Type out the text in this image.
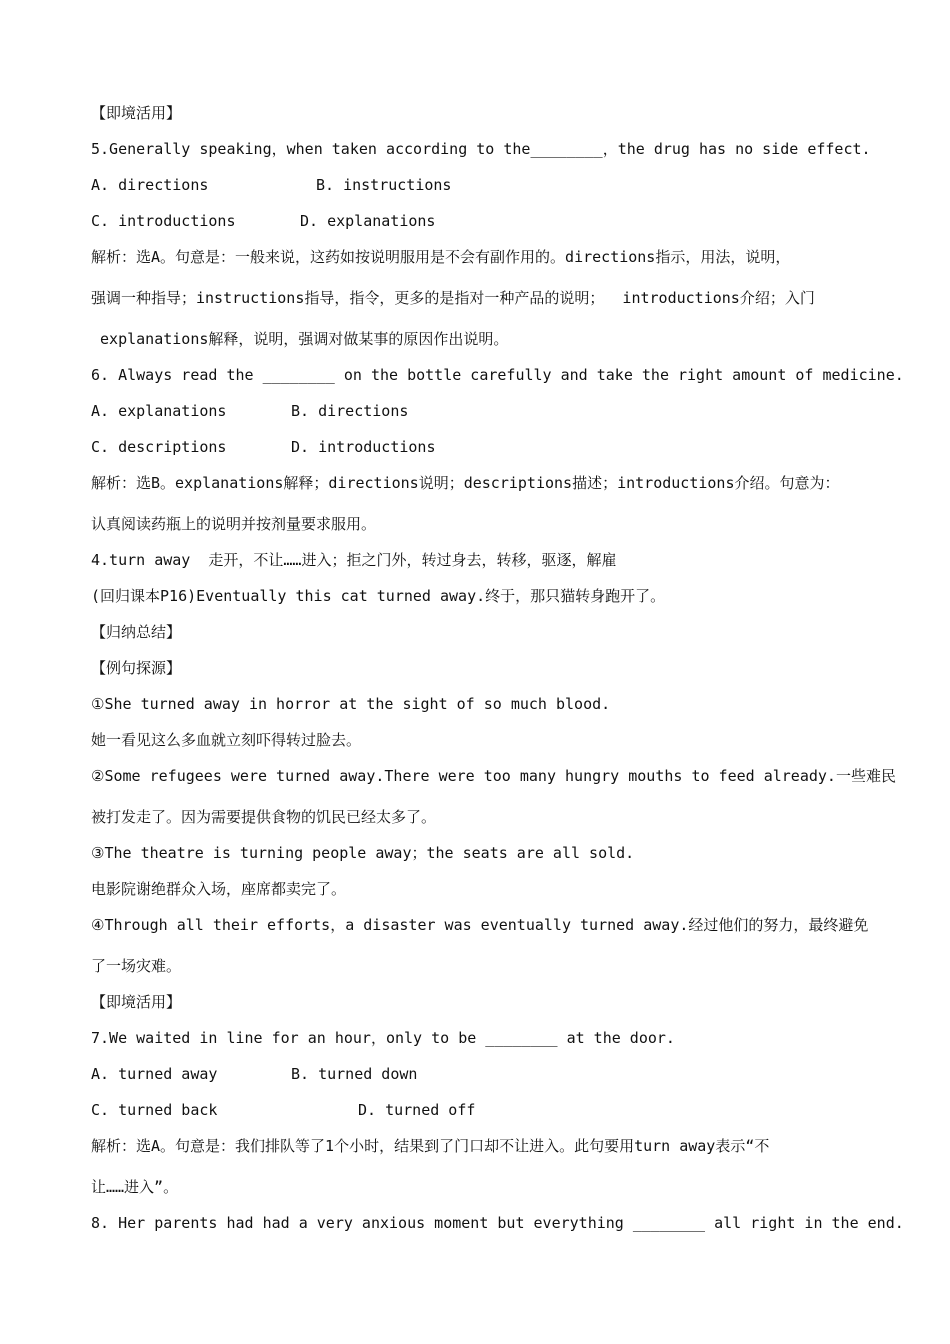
【即境活用】

5.Generally speaking，when taken according to the________，the drug has no side effect.

A. directions	B. instructions
C. introductions	D. explanations

解析：选A。句意是：一般来说，这药如按说明服用是不会有副作用的。directions指示，用法，说明，

强调一种指导；instructions指导，指令，更多的是指对一种产品的说明；  introductions介绍；入门

explanations解释，说明，强调对做某事的原因作出说明。

6. Always read the ________ on the bottle carefully and take the right amount of medicine.

A. explanations	B. directions
C. descriptions	D. introductions

解析：选B。explanations解释；directions说明；descriptions描述；introductions介绍。句意为：

认真阅读药瓶上的说明并按剂量要求服用。

4.turn away  走开，不让……进入；拒之门外，转过身去，转移，驱逐，解雇

(回归课本P16)Eventually this cat turned away.终于，那只猫转身跑开了。

【归纳总结】

【例句探源】

①She turned away in horror at the sight of so much blood.

她一看见这么多血就立刻吓得转过脸去。

②Some refugees were turned away.There were too many hungry mouths to feed already.一些难民

被打发走了。因为需要提供食物的饥民已经太多了。

③The theatre is turning people away；the seats are all sold.

电影院谢绝群众入场，座席都卖完了。

④Through all their efforts，a disaster was eventually turned away.经过他们的努力，最终避免

了一场灾难。

【即境活用】

7.We waited in line for an hour，only to be ________ at the door.

A. turned away	B. turned down
C. turned back	D. turned off

解析：选A。句意是：我们排队等了1个小时，结果到了门口却不让进入。此句要用turn away表示“不

让……进入”。

8. Her parents had had a very anxious moment but everything ________ all right in the end.
